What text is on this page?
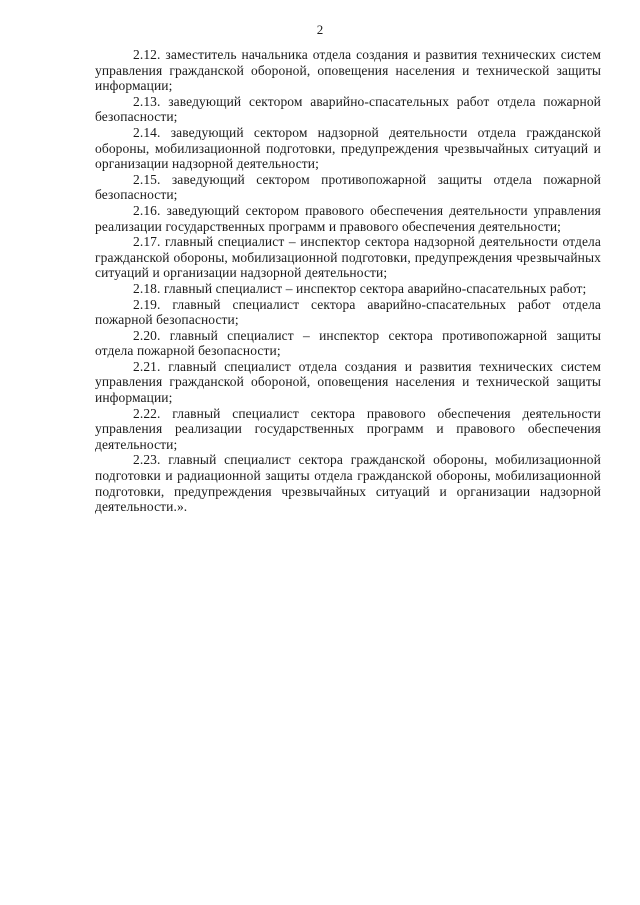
2

2.12. заместитель начальника отдела создания и развития технических систем управления гражданской обороной, оповещения населения и технической защиты информации;

2.13. заведующий сектором аварийно-спасательных работ отдела пожарной безопасности;

2.14. заведующий сектором надзорной деятельности отдела гражданской обороны, мобилизационной подготовки, предупреждения чрезвычайных ситуаций и организации надзорной деятельности;

2.15. заведующий сектором противопожарной защиты отдела пожарной безопасности;

2.16. заведующий сектором правового обеспечения деятельности управления реализации государственных программ и правового обеспечения деятельности;

2.17. главный специалист – инспектор сектора надзорной деятельности отдела гражданской обороны, мобилизационной подготовки, предупреждения чрезвычайных ситуаций и организации надзорной деятельности;

2.18. главный специалист – инспектор сектора аварийно-спасательных работ;

2.19. главный специалист сектора аварийно-спасательных работ отдела пожарной безопасности;

2.20. главный специалист – инспектор сектора противопожарной защиты отдела пожарной безопасности;

2.21. главный специалист отдела создания и развития технических систем управления гражданской обороной, оповещения населения и технической защиты информации;

2.22. главный специалист сектора правового обеспечения деятельности управления реализации государственных программ и правового обеспечения деятельности;

2.23. главный специалист сектора гражданской обороны, мобилизационной подготовки и радиационной защиты отдела гражданской обороны, мобилизационной подготовки, предупреждения чрезвычайных ситуаций и организации надзорной деятельности.».
